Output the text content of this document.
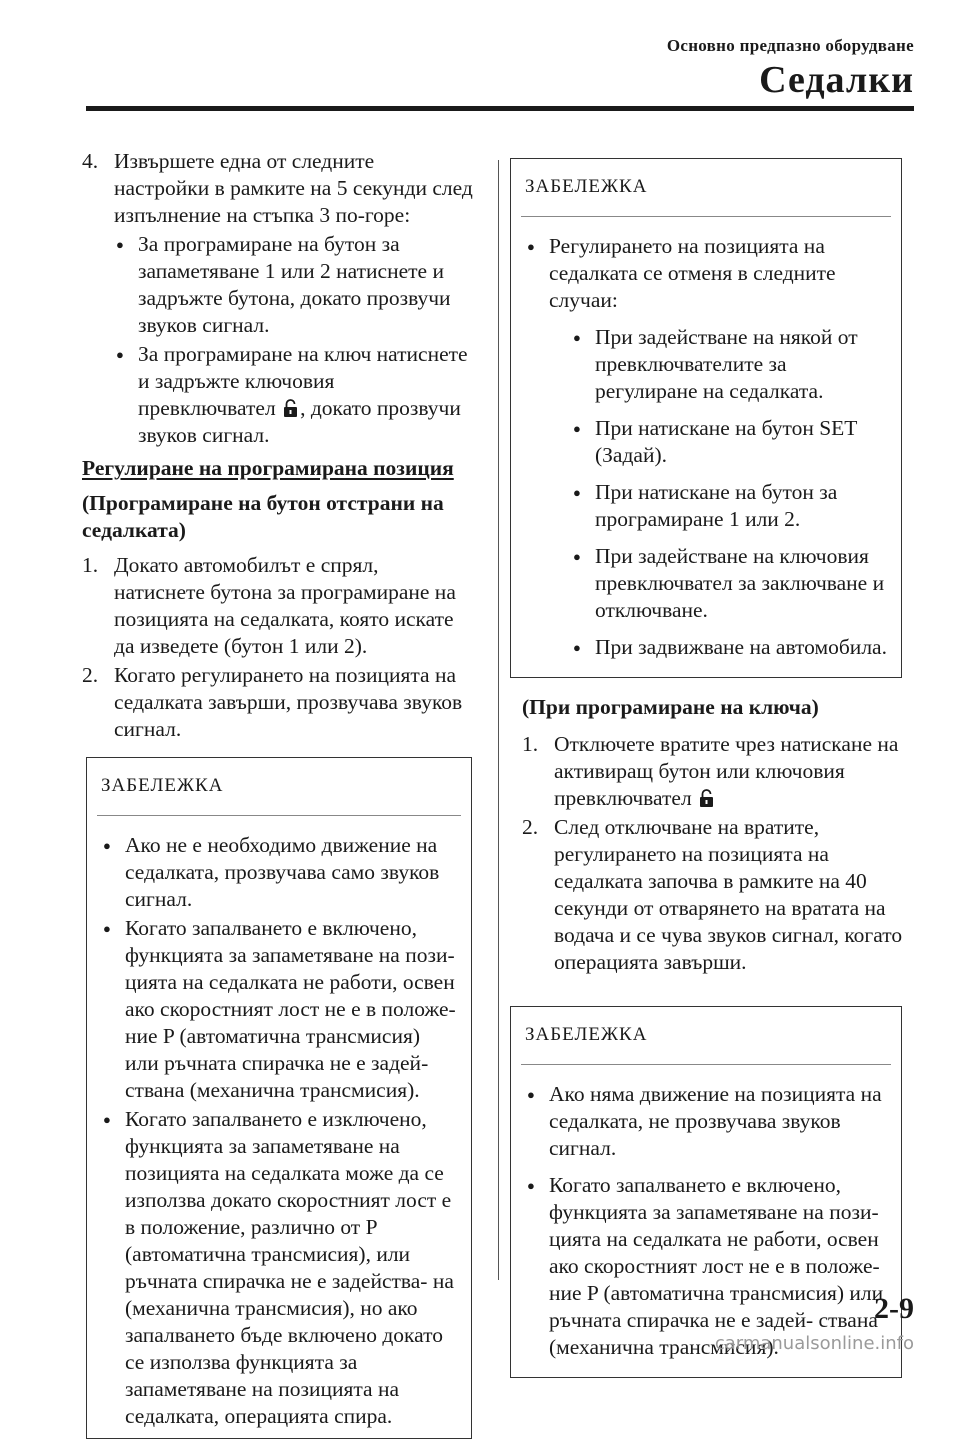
Основно предпазно оборудване
Седалки
4. Извършете една от следните настройки в рамките на 5 секунди след изпълнение на стъпка 3 по-горе:
● За програмиране на бутон за запаметяване 1 или 2 натиснете и задръжте бутона, докато прозвучи звуков сигнал.
● За програмиране на ключ натиснете и задръжте ключовия превключвател , докато прозвучи звуков сигнал.
Регулиране на програмирана позиция
(Програмиране на бутон отстрани на седалката)
1. Докато автомобилът е спрял, натиснете бутона за програмиране на позицията на седалката, която искате да изведете (бутон 1 или 2).
2. Когато регулирането на позицията на седалката завърши, прозвучава звуков сигнал.
ЗАБЕЛЕЖКА
● Ако не е необходимо движение на седалката, прозвучава само звуков сигнал.
● Когато запалването е включено, функцията за запаметяване на пози- цията на седалката не работи, освен ако скоростният лост не е в положе- ние P (автоматична трансмисия) или ръчната спирачка не е задей- ствана (механична трансмисия).
● Когато запалването е изключено, функцията за запаметяване на позицията на седалката може да се използва докато скоростният лост е в положение, различно от P (автоматична трансмисия), или ръчната спирачка не е задейства- на (механична трансмисия), но ако запалването бъде включено докато се използва функцията за запаметяване на позицията на седалката, операцията спира.
ЗАБЕЛЕЖКА
● Регулирането на позицията на седалката се отменя в следните случаи:
● При задействане на някой от превключвателите за регулиране на седалката.
● При натискане на бутон SET (Задай).
● При натискане на бутон за програмиране 1 или 2.
● При задействане на ключовия превключвател за заключване и отключване.
● При задвижване на автомобила.
(При програмиране на ключа)
1. Отключете вратите чрез натискане на активиращ бутон или ключовия превключвател
2. След отключване на вратите, регулирането на позицията на седалката започва в рамките на 40 секунди от отварянето на вратата на водача и се чува звуков сигнал, когато операцията завърши.
ЗАБЕЛЕЖКА
● Ако няма движение на позицията на седалката, не прозвучава звуков сигнал.
● Когато запалването е включено, функцията за запаметяване на пози- цията на седалката не работи, освен ако скоростният лост не е в положе- ние P (автоматична трансмисия) или ръчната спирачка не е задей- ствана (механична трансмисия).
2-9
carmanualsonline.info
